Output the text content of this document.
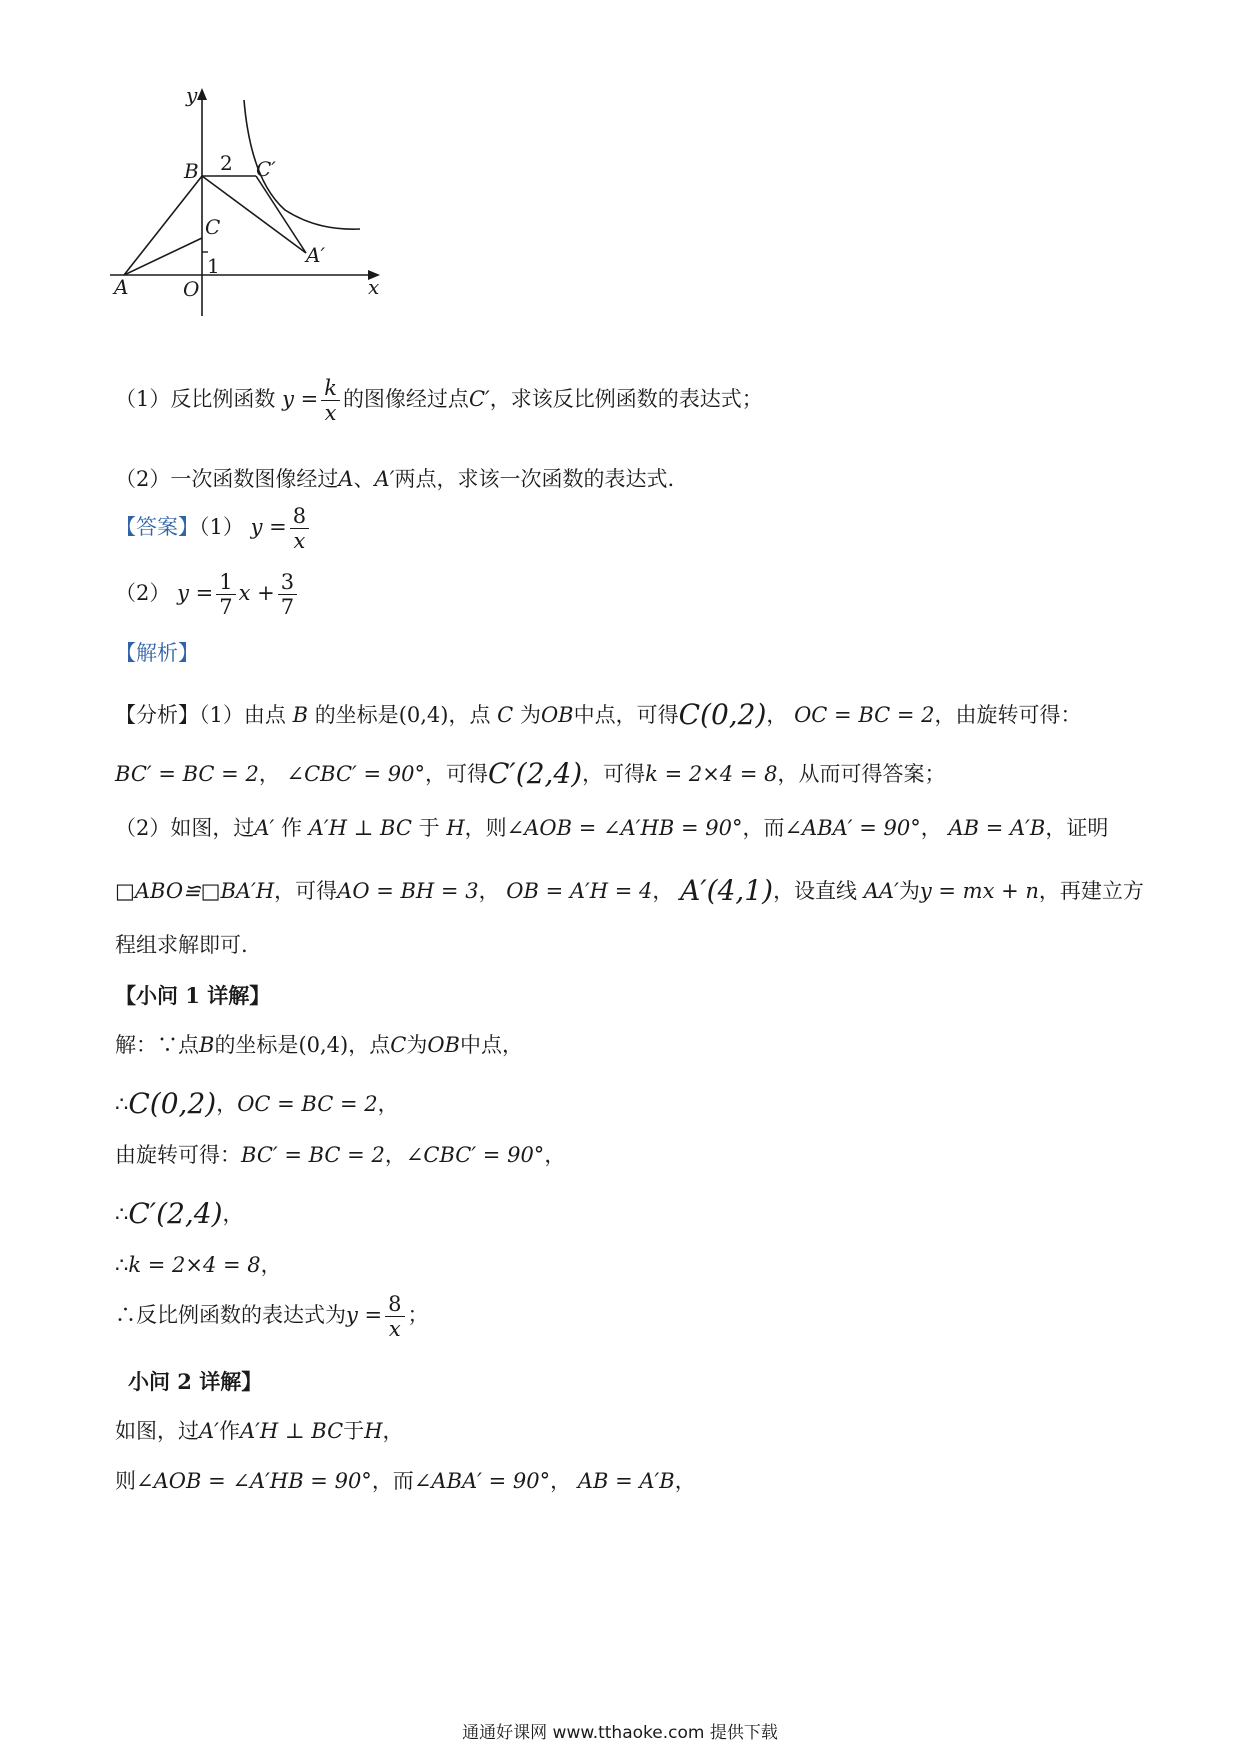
y
B 2 C′
C
A′
1
A	O	x
（1）反比例函数 $y = \frac{k}{x}$ 的图像经过点C′，求该反比例函数的表达式；
（2）一次函数图像经过A、A′两点，求该一次函数的表达式.
【答案】（1） $y = \frac{8}{x}$
（2） $y = \frac{1}{7}$ $x + \frac{3}{7}$
【解析】
【分析】（1）由点 B 的坐标是(0,4)，点 C 为OB中点，可得C(0,2)， OC = BC = 2，由旋转可得：
BC′ = BC = 2， ∠CBC′ = 90°，可得C′(2,4)，可得k = 2×4 = 8，从而可得答案；
（2）如图，过A′ 作 A′H ⊥ BC 于 H，则∠AOB = ∠A′HB = 90°，而∠ABA′ = 90°， AB = A′B，证明
□ABO≌□BA′H，可得AO = BH = 3， OB = A′H = 4， A′(4,1)，设直线 AA′为y = mx + n，再建立方
程组求解即可.
【小问 1 详解】
解：∵点B的坐标是(0,4)，点C为OB中点，
∴C(0,2)，OC = BC = 2，
由旋转可得：BC′ = BC = 2，∠CBC′ = 90°，
∴C′(2,4)，
∴k = 2×4 = 8，
∴反比例函数的表达式为$y = \frac{8}{x}$ ；
小问 2 详解】
如图，过A′作A′H ⊥ BC于H，
则∠AOB = ∠A′HB = 90°，而∠ABA′ = 90°， AB = A′B，
通通好课网 www.tthaoke.com 提供下载
